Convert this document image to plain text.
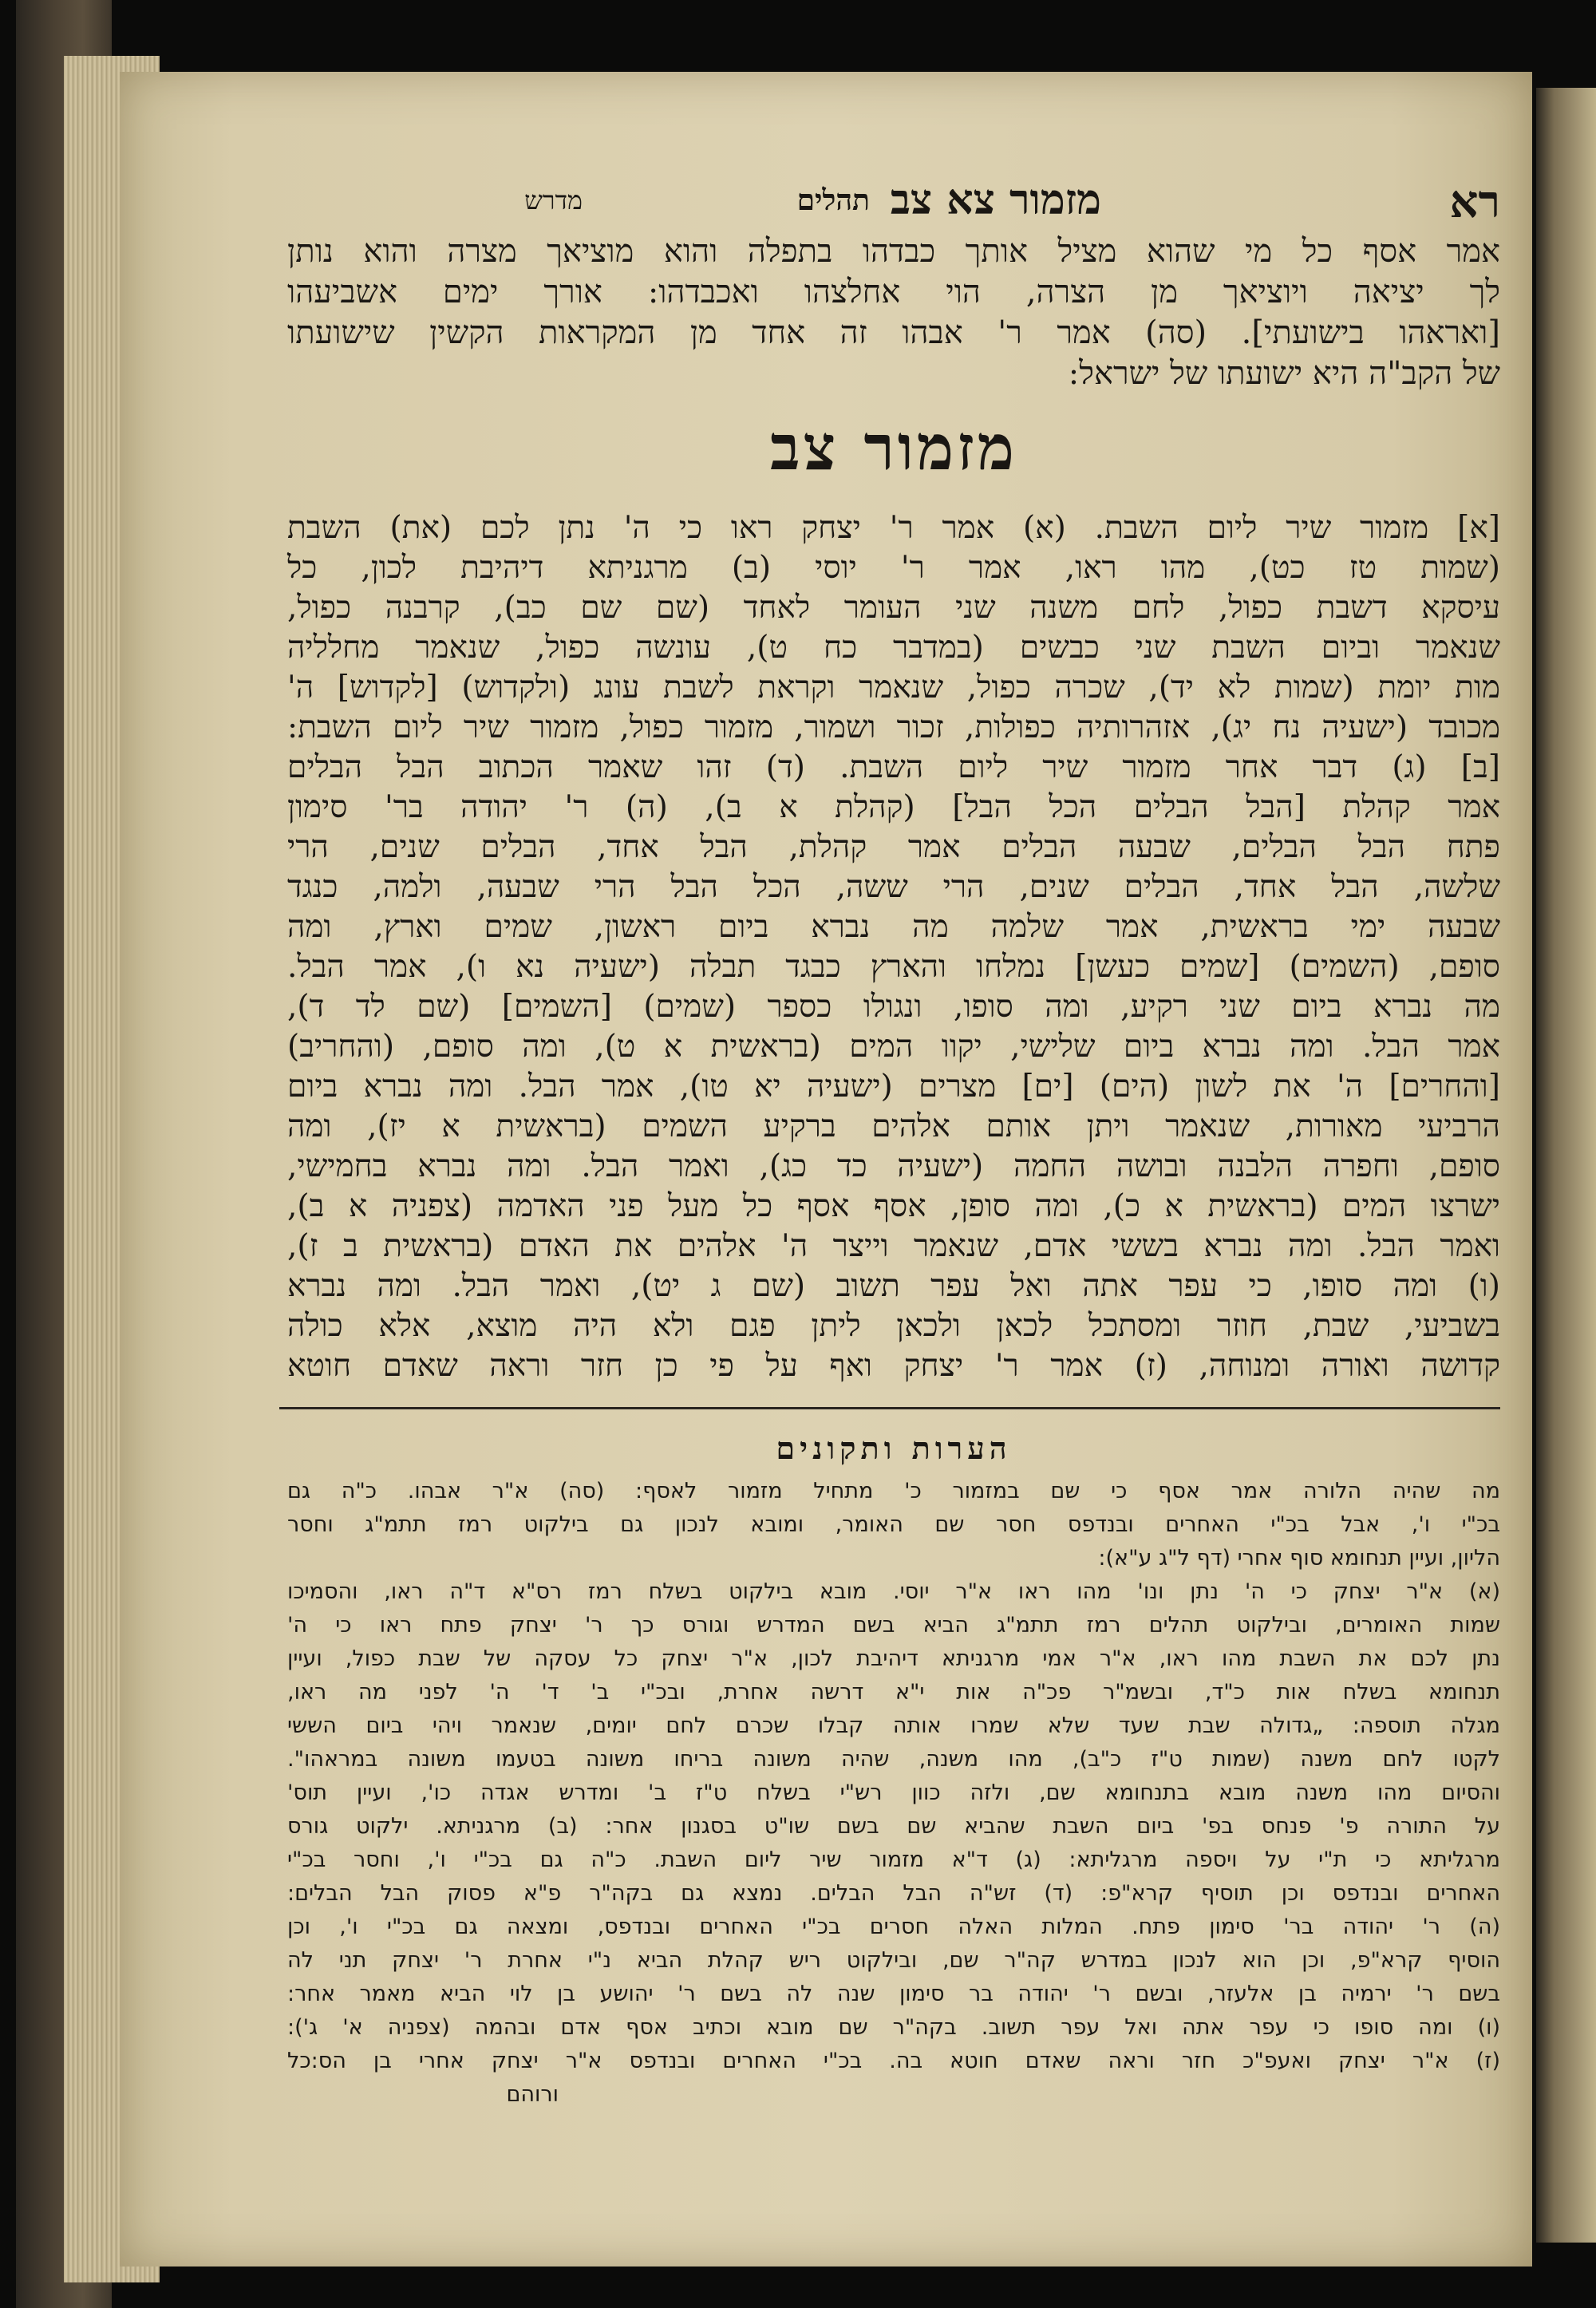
רא
מזמור צא צב
תהלים
מדרש
אמר אסף כל מי שהוא מציל אותך כבדהו בתפלה והוא מוציאך מצרה והוא נותן
לך יציאה ויוציאך מן הצרה, הוי אחלצהו ואכבדהו: אורך ימים אשביעהו
[ואראהו בישועתי]. (סה) אמר ר' אבהו זה אחד מן המקראות הקשין שישועתו
של הקב"ה היא ישועתו של ישראל:
מזמור צב
[א] מזמור שיר ליום השבת. (א) אמר ר' יצחק ראו כי ה' נתן לכם (את) השבת
(שמות טז כט), מהו ראו, אמר ר' יוסי (ב) מרגניתא דיהיבת לכון, כל
עיסקא דשבת כפול, לחם משנה שני העומר לאחד (שם שם כב), קרבנה כפול,
שנאמר וביום השבת שני כבשים (במדבר כח ט), עונשה כפול, שנאמר מחלליה
מות יומת (שמות לא יד), שכרה כפול, שנאמר וקראת לשבת עונג (ולקדוש) [לקדוש] ה'
מכובד (ישעיה נח יג), אזהרותיה כפולות, זכור ושמור, מזמור כפול, מזמור שיר ליום השבת:
[ב] (ג) דבר אחר מזמור שיר ליום השבת. (ד) זהו שאמר הכתוב הבל הבלים
אמר קהלת [הבל הבלים הכל הבל] (קהלת א ב), (ה) ר' יהודה בר' סימון
פתח הבל הבלים, שבעה הבלים אמר קהלת, הבל אחד, הבלים שנים, הרי
שלשה, הבל אחד, הבלים שנים, הרי ששה, הכל הבל הרי שבעה, ולמה, כנגד
שבעה ימי בראשית, אמר שלמה מה נברא ביום ראשון, שמים וארץ, ומה
סופם, (השמים) [שמים כעשן] נמלחו והארץ כבגד תבלה (ישעיה נא ו), אמר הבל.
מה נברא ביום שני רקיע, ומה סופו, ונגולו כספר (שמים) [השמים] (שם לד ד),
אמר הבל. ומה נברא ביום שלישי, יקוו המים (בראשית א ט), ומה סופם, (והחריב)
[והחרים] ה' את לשון (הים) [ים] מצרים (ישעיה יא טו), אמר הבל. ומה נברא ביום
הרביעי מאורות, שנאמר ויתן אותם אלהים ברקיע השמים (בראשית א יז), ומה
סופם, וחפרה הלבנה ובושה החמה (ישעיה כד כג), ואמר הבל. ומה נברא בחמישי,
ישרצו המים (בראשית א כ), ומה סופן, אסף אסף כל מעל פני האדמה (צפניה א ב),
ואמר הבל. ומה נברא בששי אדם, שנאמר וייצר ה' אלהים את האדם (בראשית ב ז),
(ו) ומה סופו, כי עפר אתה ואל עפר תשוב (שם ג יט), ואמר הבל. ומה נברא
בשביעי, שבת, חוזר ומסתכל לכאן ולכאן ליתן פגם ולא היה מוצא, אלא כולה
קדושה ואורה ומנוחה, (ז) אמר ר' יצחק ואף על פי כן חזר וראה שאדם חוטא
הערות ותקונים
מה שהיה הלורה אמר אסף כי שם במזמור כ' מתחיל מזמור לאסף: (סה) א"ר אבהו. כ"ה גם
בכ"י ו', אבל בכ"י האחרים ובנדפס חסר שם האומר, ומובא לנכון גם בילקוט רמז תתמ"ג וחסר
הליון, ועיין תנחומא סוף אחרי (דף ל"ג ע"א):
(א) א"ר יצחק כי ה' נתן ונו' מהו ראו א"ר יוסי. מובא בילקוט בשלח רמז רס"א ד"ה ראו, והסמיכו
שמות האומרים, ובילקוט תהלים רמז תתמ"ג הביא בשם המדרש וגורס כך ר' יצחק פתח ראו כי ה'
נתן לכם את השבת מהו ראו, א"ר אמי מרגניתא דיהיבת לכון, א"ר יצחק כל עסקה של שבת כפול, ועיין
תנחומא בשלח אות כ"ד, ובשמ"ר פכ"ה אות י"א דרשה אחרת, ובכ"י ב' ד' ה' לפני מה ראו,
מגלה תוספה: „גדולה שבת שעד שלא שמרו אותה קבלו שכרם לחם יומים, שנאמר ויהי ביום הששי
לקטו לחם משנה (שמות ט"ז כ"ב), מהו משנה, שהיה משונה בריחו משונה בטעמו משונה במראהו".
והסיום מהו משנה מובא בתנחומא שם, ולזה כוון רש"י בשלח ט"ז ב' ומדרש אגדה כו', ועיין תוס'
על התורה פ' פנחס בפ' ביום השבת שהביא שם בשם שו"ט בסגנון אחר: (ב) מרגניתא. ילקוט גורס
מרגליתא כי ת"י על ויספה מרגליתא: (ג) ד"א מזמור שיר ליום השבת. כ"ה גם בכ"י ו', וחסר בכ"י
האחרים ובנדפס וכן תוסיף קרא"פ: (ד) זש"ה הבל הבלים. נמצא גם בקה"ר פ"א פסוק הבל הבלים:
(ה) ר' יהודה בר' סימון פתח. המלות האלה חסרים בכ"י האחרים ובנדפס, ומצאה גם בכ"י ו', וכן
הוסיף קרא"פ, וכן הוא לנכון במדרש קה"ר שם, ובילקוט ריש קהלת הביא נ"י אחרת ר' יצחק תני לה
בשם ר' ירמיה בן אלעזר, ובשם ר' יהודה בר סימון שנה לה בשם ר' יהושע בן לוי הביא מאמר אחר:
(ו) ומה סופו כי עפר אתה ואל עפר תשוב. בקה"ר שם מובא וכתיב אסף אדם ובהמה (צפניה א' ג'):
(ז) א"ר יצחק ואעפ"כ חזר וראה שאדם חוטא בה. בכ"י האחרים ובנדפס א"ר יצחק אחרי בן הס:כל
ורוהם
